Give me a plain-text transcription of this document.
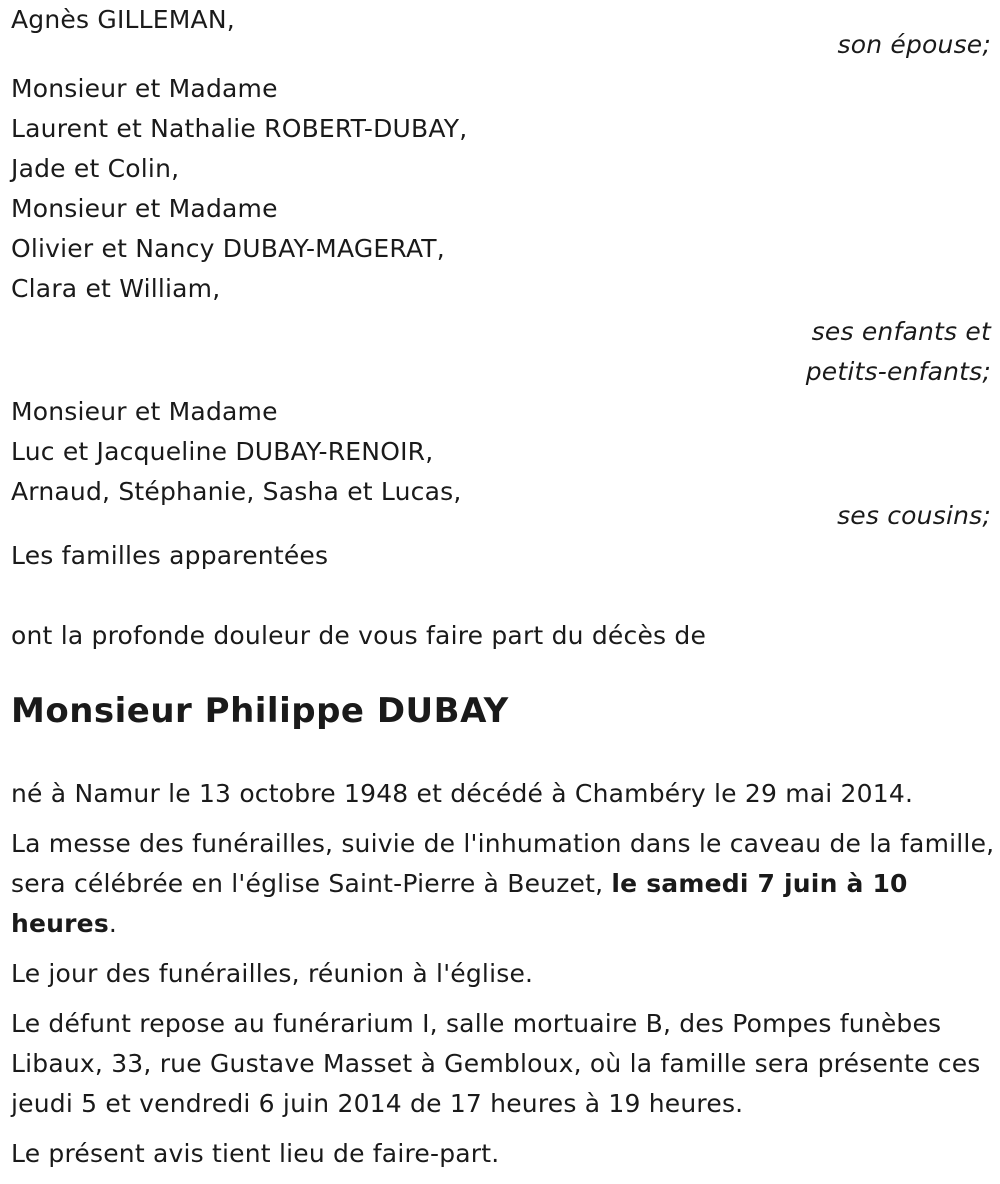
Agnès GILLEMAN,
son épouse;
Monsieur et Madame
Laurent et Nathalie ROBERT-DUBAY,
Jade et Colin,
Monsieur et Madame
Olivier et Nancy DUBAY-MAGERAT,
Clara et William,
ses enfants et
petits-enfants;
Monsieur et Madame
Luc et Jacqueline DUBAY-RENOIR,
Arnaud, Stéphanie, Sasha et Lucas,
ses cousins;
Les familles apparentées
ont la profonde douleur de vous faire part du décès de
Monsieur Philippe DUBAY
né à Namur le 13 octobre 1948 et décédé à Chambéry le 29 mai 2014.
La messe des funérailles, suivie de l'inhumation dans le caveau de la famille, sera célébrée en l'église Saint-Pierre à Beuzet, le samedi 7 juin à 10 heures.
Le jour des funérailles, réunion à l'église.
Le défunt repose au funérarium I, salle mortuaire B, des Pompes funèbes Libaux, 33, rue Gustave Masset à Gembloux, où la famille sera présente ces jeudi 5 et vendredi 6 juin 2014 de 17 heures à 19 heures.
Le présent avis tient lieu de faire-part.
